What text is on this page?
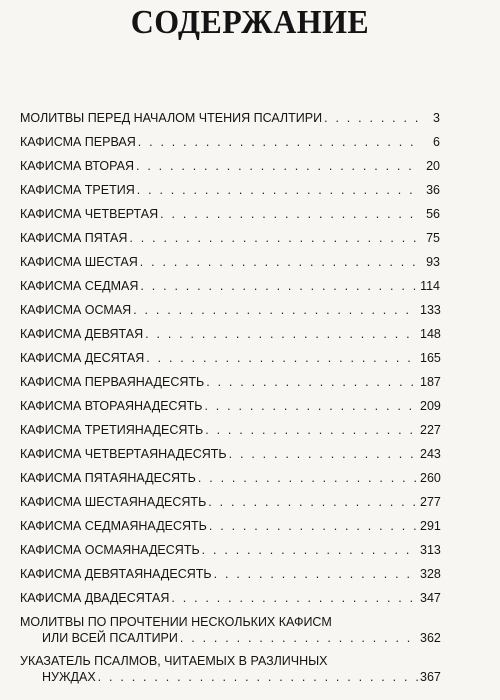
СОДЕРЖАНИЕ
МОЛИТВЫ ПЕРЕД НАЧАЛОМ ЧТЕНИЯ ПСАЛТИРИ . . .	3
КАФИСМА ПЕРВАЯ . . .	6
КАФИСМА ВТОРАЯ . . .	20
КАФИСМА ТРЕТИЯ . . .	36
КАФИСМА ЧЕТВЕРТАЯ . . .	56
КАФИСМА ПЯТАЯ . . .	75
КАФИСМА ШЕСТАЯ . . .	93
КАФИСМА СЕДМАЯ . . .	114
КАФИСМА ОСМАЯ . . .	133
КАФИСМА ДЕВЯТАЯ . . .	148
КАФИСМА ДЕСЯТАЯ . . .	165
КАФИСМА ПЕРВАЯНАДЕСЯТЬ . . .	187
КАФИСМА ВТОРАЯНАДЕСЯТЬ . . .	209
КАФИСМА ТРЕТИЯНАДЕСЯТЬ . . .	227
КАФИСМА ЧЕТВЕРТАЯНАДЕСЯТЬ . . .	243
КАФИСМА ПЯТАЯНАДЕСЯТЬ . . .	260
КАФИСМА ШЕСТАЯНАДЕСЯТЬ . . .	277
КАФИСМА СЕДМАЯНАДЕСЯТЬ . . .	291
КАФИСМА ОСМАЯНАДЕСЯТЬ . . .	313
КАФИСМА ДЕВЯТАЯНАДЕСЯТЬ . . .	328
КАФИСМА ДВАДЕСЯТАЯ . . .	347
МОЛИТВЫ ПО ПРОЧТЕНИИ НЕСКОЛЬКИХ КАФИСМ
ИЛИ ВСЕЙ ПСАЛТИРИ . . .	362
УКАЗАТЕЛЬ ПСАЛМОВ, ЧИТАЕМЫХ В РАЗЛИЧНЫХ
НУЖДАХ . . .	367
